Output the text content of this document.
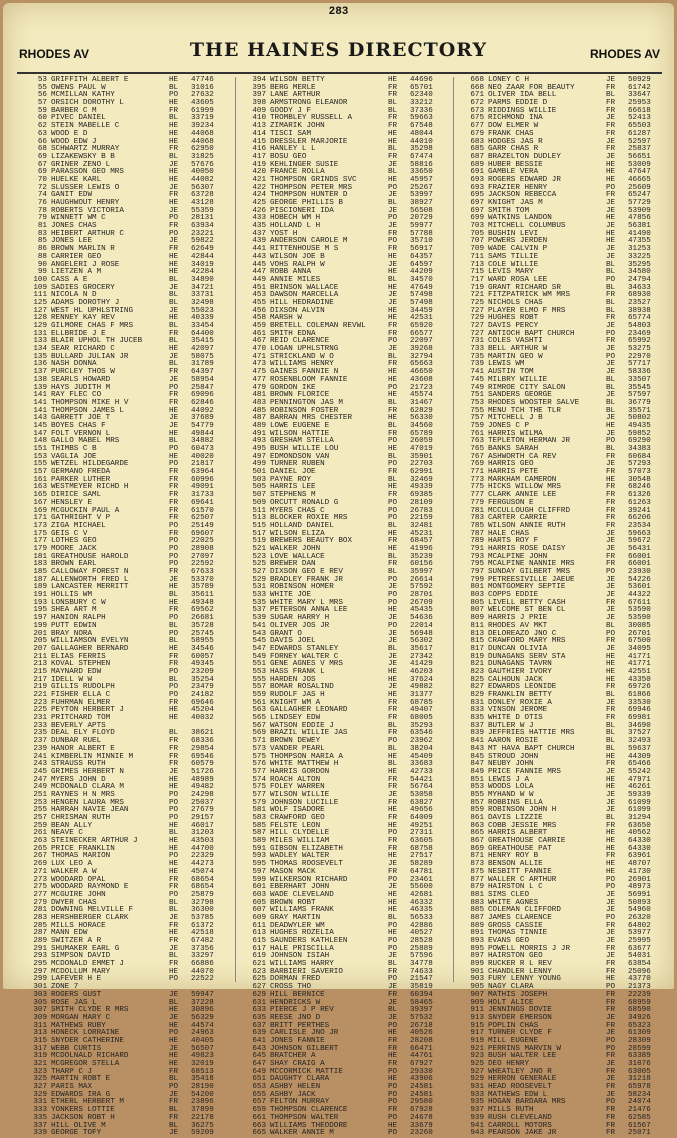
283
RHODES AV	THE HAINES DIRECTORY	RHODES AV
53 GRIFFITH ALBERT E	HE	47746
55 OWENS PAUL W	BL	31016
56 MCMILLAN KATHY	PO	27632
57 ORSICH DOROTHY L	HE	43605
59 BARBER C M	FR	61999
60 PIVEC DANIEL	BL	33719
62 STEIN MABELLE C	HE	39234
63 WOOD E D	HE	44068
66 WOOD EDW J	HE	44068
68 SCHWARTZ MURRAY	FR	62950
69 LIZAKEWSKY B B	BL	31825
67 GRINER ZENO L	JE	57676
69 PARASSON GEO MRS	HE	40050
70 HUELKE KARL	HE	44082
72 SLUSSER LEWIS O	JE	56307
74 GANIT EDW	FR	63728
76 HAUGHWOUT HENRY	HE	43128
78 ROBERTS VICTORIA	JE	55359
79 WINNETT WM C	PO	28131
81 JONES CHAS	FR	63934
83 HEIBERT ARTHUR C	PO	23221
85 JONES LEE	JE	59822
86 BROWN MARLIN R	FR	62649
88 CARRIER GEO	HE	42844
90 ANGELERI J ROSE	HE	34019
99 LIETZEN A M	HE	42284
100 CASS A E	BL	34890
109 SADIES GROCERY	JE	34721
111 NICOLA N D	BL	33731
125 ADAMS DOROTHY J	BL	32498
127 WEST HL UPHLSTRING	JE	55023
128 RENNEY KAY REV	HE	40339
129 GILMORE CHAS F MRS	BL	33454
131 ELLBRIDE J E	FR	64400
133 BLAIR UPHOL TH JUCEB	BL	35415
134 SEAR RICHARD C	HE	42097
135 BULLARD JULIAN JR	JE	58075
136 NASH DONNA	BL	31789
137 PURCLEY THOS W	FR	64397
138 SEARLS HOWARD	JE	58954
139 HAYS JUDITH M	PO	25847
141 RAY FLEC CO	FR	69096
141 THOMPSON MIKE H V	FR	62846
141 THOMPSON JAMES L	HE	44092
143 GARRETT JOE T	JE	37689
145 BOYES CHAS F	JE	54779
147 FOLT VERNON L	HE	49844
148 GALLO MABEL MRS	BL	34882
151 THIMBS C B	PO	60473
153 VAGLIA JOE	HE	40020
155 WETZEL HILDEGARDE	PO	21817
157 GERMANO FREDA	FR	63964
161 PARKER LUTHER	FR	60996
163 WESTMEYER RICHD H	FR	49091
165 DIRICE SAML	FR	31733
167 HENSLEY E	FR	69641
169 MCGUCKIN PAUL A	FR	61570
171 GATHRIGHT V P	FR	62507
173 ZIGA MICHAEL	PO	25149
175 GEIS C V	FR	69607
177 LOTHES GEO	PO	22025
179 MOORE JACK	PO	28908
181 GREATHOUSE HAROLD	PO	27097
183 BROWN EARL	PO	22592
185 CALLOWAY FOREST N	FR	67633
187 ALLENWORTH FRED L	JE	53370
189 LANCASTER MERRITT	HE	35789
191 HOLLIS WM	BL	35611
193 LONSBURY C W	HE	49348
195 SHEA ART M	FR	69562
197 HANION RALPH	PO	26681
199 PUTT EDWIN	BL	35728
201 BRAY NORA	PO	25745
205 WILLIAMSON EVELYN	BL	58955
207 GALLAGHER BERNARD	HE	34546
211 ELIAS FERRIS	FR	60057
213 KOVAL STEPHEN	FR	49345
215 MAYNARD EDW	PO	23209
217 IDELL W W	BL	35254
219 GILLIS RUDOLPH	PO	23479
221 FISHER ELLA C	PO	24182
223 FUHRMAN ELMER	FR	69646
225 PEYTON HERBERT J	HE	45204
231 PRITCHARD TOM	HE	40032
233 BEVERLY APTS
235 DEAL ELY FLOYD	BL	38621
237 DUNBAR RUEL	FR	68336
239 HANOR ALBERT E	FR	29854
241 KIMBERLIN MINNIE M	FR	69546
243 STRAUSS RUTH	FR	60579
245 GRIMES HERBERT N	JE	51726
247 MYERS JOHN D	HE	48989
249 MCDONALD CLARA M	HE	49482
251 RAYNES H N MRS	PO	24298
253 HENGEN LAURA MRS	PO	25037
255 HARRAH NAVIE JEAN	PO	27679
257 CHRISMAN RUTH	PO	29157
259 BEAN ALLY	HE	46017
261 NEAVE C	BL	31203
263 STEINECKER ARTHUR J	HE	43503
265 PRICE FRANKLIN	HE	44700
267 THOMAS MARION	PO	22329
269 LUX LEO A	HE	44273
271 WALKER A W	HE	45074
273 WOODARD OPAL	FR	68654
275 WOODARD RAYMOND E	FR	68654
277 MCGUIRE JOHN	PO	25879
279 DWYER CHAS	BL	32798
281 DOWNING MELVILLE F	BL	36300
283 HERSHBERGER CLARK	JE	53785
285 MILLS HORACE	FR	61372
287 MANN EDW	HE	42518
289 SWITZER A R	FR	67482
291 SHUMAKER EARL G	JE	37356
293 SIMPSON DAVID	BL	33297
295 MCDONALD EMMET J	FR	66886
297 MCDOLLUM MARY	HE	44070
299 LAFEVER H E	PO	22522
301 ZONE 7
303 ROGERS GUST	JE	59947
305 ROSE JAS L	BL	37228
307 SMITH CLYDE R MRS	HE	30896
309 MORGAN MARY C	JE	56329
311 MATHEWS RUBY	HE	44574
313 HONECK LORRAINE	PO	24963
315 SNYDER CATHERINE	HE	40405
317 WEBB CURTIS	JE	56507
319 MCDOLNALD RICHARD	HE	49823
321 MCGREGOR STELLA	HE	32019
323 THARP C J	FR	68513
325 MARTIN ROBT E	BL	35418
327 PARIS MAX	PO	28190
329 EDWARDS IRA G	JE	54200
331 ETHERL HERBERT M	FR	23896
333 YONKERS LOTTIE	BL	37899
335 JACKSON ROBT H	FR	22178
337 HILL OLIVE M	BL	36275
339 GEORGE TOFY	JE	59209
394 WILSON BETTY	HE	44696
395 BERG MERLE	FR	65701
397 LANE ARTHUR	FR	62340
398 ARMSTRONG ELEANOR	BL	33212
409 GOODY J F	BL	37336
410 TROMBLEY RUSSELL A	FR	59663
413 ZIMARIK JOHN	FR	67548
414 TISCI SAM	HE	48044
415 DRESSLER MARJORIE	HE	44010
416 HANLEY L L	BL	35298
417 BOSU GEO	FR	67474
419 KEHLINGER SUSIE	JE	58816
420 FRANCE ROLLA	BL	33650
421 THOMPSON GRINDS SVC	HE	45957
422 THOMPSON PETER MRS	PO	25267
424 THOMPSON HUNTER D	JE	53997
425 GEORGE PHILLIS B	BL	38927
426 PISCIONERI IDA	JE	56508
433 HOBECH WM H	PO	20729
435 HOLLAND L H	JE	59977
437 YOST H	FR	57788
439 ANDERSON CAROLE M	PO	35710
441 RITTENHOUSE M S	FR	56917
443 WILSON JOE B	HE	64357
445 VOHS RALPH W	JE	64597
447 ROBB ANNA	HE	44209
449 ANNIE MILES	BL	34570
451 BRINSON WALLACE	HE	47649
453 DAWSON MARCELLA	JE	57498
455 HILL HEDRADINE	JE	57498
456 DIXSON ALVIN	HE	34459
458 MARSH W	HE	42531
459 BRETELL COLEMAN REVWL	FR	65920
461 SMITH EDNA	FR	66577
467 REID CLARENCE	PO	22097
470 LOGAN UPHLSTRNG	JE	39268
471 STRICKLAND W O	BL	32794
473 WILLIAMS HENRY	FR	65663
475 GAINES FANNIE N	HE	46650
477 ROSENBLOOM FANNIE	HE	43608
479 GORDON IKE	PO	21723
481 BROWN FLORICE	HE	45574
483 PENNINGTON JAS M	BL	31467
485 ROBINSON FOSTER	FR	62829
487 BARRAN MRS CHESTER	HE	56330
489 LOWE EUGENE E	BL	34560
491 WILSON HATTIE	FR	65789
493 GRESHAM STELLA	PO	26059
495 BUSH WILLIE LOU	HE	47019
497 EDMONDSON VAN	BL	35901
499 TURNER RUBEN	PO	22703
501 DANIEL JOE	FR	62991
503 PAYNE ROY	BL	32469
505 HARRIS LEE	HE	49339
507 STEPHENS M	FR	69385
509 ORCUTT RONALD G	PO	28109
511 MYERS CHAS C	PO	26783
513 BLOCKER ROXIE MRS	PO	22159
515 HOLLAND DANIEL	BL	32481
517 WILSON ELIZA	HE	45231
519 BREWERS BEAUTY BOX	FR	68457
521 WALKER JOHN	HE	41996
523 LOVE WALLACE	BL	35239
525 BREWER DAN	FR	60156
527 DIXSON GEO E REV	BL	35997
529 BRADLEY FRANK JR	PO	26614
531 ROBINSON HOMER	JE	57592
533 WHITE JOE	PO	28701
535 WHITE MARY L MRS	PO	26709
537 PETERSON ANNA LEE	HE	45435
539 SUGAR HARRY H	JE	54636
541 OLIVER JOS JR	PO	22014
543 GRANT O	JE	56948
545 DAVIS JOEL	JE	56302
547 EDWARDS STANLEY	BL	35617
549 FORNEY WALTER C	JE	27342
551 GENE AGNES V MRS	JE	41429
553 HASS FRANK L	HE	46203
555 HARDEN JOS	HE	37624
557 BOMAR ROSALIND	JE	49882
559 RUDOLF JAS H	HE	31377
561 KNIGHT WM A	FR	68785
563 GALLAGHER LEONARD	FR	49407
565 LINDSEY EDW	FR	68005
567 WATSON EDDIE J	BL	35293
569 BRAZIL WILLIE JAS	FR	63546
571 BROWN DEWEY	PO	23962
573 VANDER PEARL	BL	38204
575 THOMPSON MARIA A	HE	45409
576 WHITE MATTHEW H	BL	33683
577 HARRIS GORDON	HE	42733
574 ROACH ALTON	FR	54421
575 FOLEY WARREN	FR	56764
577 WILSON WILLIE	JE	53058
579 JOHNSON LUCILLE	FR	63827
581 WOLF ISADORE	HE	49656
583 CRAWFORD GEO	FR	64009
585 FELSTE LEON	HE	49251
587 HILL CLYDELLE	PO	27311
589 MILES WILLIAM	FR	63605
591 GIBSON ELIZABETH	FR	68758
593 WADLEY WALTER	HE	27517
595 THOMAS ROOSEVELT	JE	58289
597 MASON MACK	FR	64781
599 WILKERSON RICHARD	PO	23461
601 EBERHART JOHN	JE	55600
603 WADE CLEVELAND	HE	42681
605 BROWN ROBT	HE	46332
607 WILLIAMS FRANK	HE	46335
609 GRAY MARTIN	BL	56533
611 DEADWYLER WM	PO	42886
613 HUGHES ROZELIA	HE	40527
615 SAUNDERS KATHLEEN	PO	28528
617 HALE PRISCILLA	PO	25889
619 JOHNSON ISIAH	JE	57596
621 WILLIAMS HARRY	BL	34778
623 BARBIERI SAVERIO	FR	74633
625 DORMAN FRED	PO	21547
627 CROSS THO	JE	35819
629 HILL BERNICE	FR	60394
631 HENDRICKS W	JE	58465
633 PIERCE J P REV	BL	39397
635 REESE JNO D	JE	57532
637 BRITT PERTHES	PO	26718
639 CARLISLE JNO JR	HE	40526
641 JONES FANNIE	FR	28208
643 JOHNSON GILBERT	FR	66471
645 BRATCHER A	HE	44761
647 SHAY CRAIG A	FR	67927
649 MCCORMICK MATTIE	PO	29330
651 DAUGHTY CLARA	HE	43906
653 ASHBY HELEN	PO	24581
655 ASHBY JACK	PO	24581
657 FELTON MURRAY	PO	29580
659 THOMPSON CLARENCE	FR	67928
661 THOMPSON WALTER	PO	24678
663 WILLIAMS THEODORE	HE	33679
665 WALKER ANNIE M	PO	23260
668 LONEY C H	JE	50929
668 NEO ZAAR FOR BEAUTY	FR	61742
671 OLIVER IDA BELL	BL	33647
672 PARMS EDDIE D	FR	25953
673 RIDDINGS WILLIE	FR	66618
675 RICHMOND INA	JE	52413
677 DOW ELMER W	FR	65503
679 FRANK CHAS	FR	61287
683 HODGES JAS R	JE	52597
685 GARR CHAS R	FR	25837
687 BRAZELTON DUDLEY	JE	56651
689 HUBER BESSIE	HE	53009
691 GAMBLE VERA	HE	47647
693 ROGERS EDWARD JR	HE	46665
693 FRAZIER HENRY	PO	25609
695 JACKSON REBECCA	FR	65247
697 KNIGHT JAS M	JE	57729
697 SMITH TOM	JE	53909
699 WATKINS LANDON	HE	47856
703 MITCHELL COLUMBUS	JE	56381
705 BUSHIN LEVI	HE	41490
707 POWERS JERDEN	HE	47355
709 WADE CALVIN P	JE	31253
711 SAMS TILLIE	JE	33225
713 COLE WILLIE	BL	35295
715 LEVIS MARY	BL	34580
717 WARD ROSA LEE	PO	24794
719 GRANT RICHARD SR	BL	34633
721 FITZPATRICK WM MRS	FR	68930
725 NICHOLS CHAS	BL	23527
727 PLAYER ELMO F MRS	BL	38938
729 HUGHES ROBT	FR	65774
727 DAVIS PERCY	JE	54803
727 ANTIOCH BAPT CHURCH	PO	23469
731 COLES VASHTI	FR	65992
733 BELL ARTHUR W	JE	53275
735 MARTIN GEO W	PO	22970
739 LEWIS WM	JE	57717
741 AUSTIN TOM	JE	58336
745 MILBRY WILLIE	BL	33507
749 RIMROE CITY SALON	BL	35545
751 SANDERS GEORGE	JE	57597
753 RHODES WOOSTER SALVE	BL	36779
755 MENU TCH THE TLR	BL	35571
757 MITCHELL J B	JE	50802
759 JONES C P	HE	49435
761 HARRIS WILMA	JE	59852
763 TEPLETON HERMAN JR	PO	69290
765 BANKS SARAH	BL	34383
767 ASHWORTH CA REV	FR	60684
769 HARRIS GEO	JE	57293
771 HARRIS PETE	FR	57073
773 MARKHAM CAMERON	HE	30548
775 HICKS WILLOW MRS	FR	68246
777 CLARK ANNIE LEE	FR	61326
779 FERGUSON E	FR	61263
781 MCCULLOUGH CLIFFRD	FR	39241
783 CARTER CARRIE	FR	66206
785 WILSON ANNIE RUTH	FR	23534
787 HALE CHAS	JE	59663
789 HARTS ROY F	JE	59672
791 HARRIS ROSE DAISY	JE	56431
793 MCALPINE JOHN	FR	66001
795 MCALPINE NANNIE MRS	FR	66001
797 SUNDAY GILBERT MRS	PO	23930
799 PETREESIVILLE JAEUE	JE	54226
801 MONTGOMERY SEPTIE	JE	53601
803 COPPS EDDIE	JE	44322
805 LIVELL BETTY CASH	FR	67611
807 WELCOME ST BEN CL	JE	53590
809 HARRIS J PRIE	JE	53590
811 RHODES AV MKT	BL	30085
813 DELOREAZO JNO C	PO	26701
815 CRAWFORD MARY MRS	FR	67500
817 DUNCAN OLIVIA	JE	34095
819 DUNAGANS SERV STA	HE	41771
821 DUNAGANS TAVRN	HE	41771
823 GAUTHIER IVORY	HE	42551
825 CALHOUN JACK	HE	43350
827 EDWARDS LEONIDE	FR	69726
829 FRANKLIN BETTY	BL	61866
831 DONLEY ROXIE A	JE	33530
833 VINSON JEROME	FR	69946
835 WHITE D OTIS	FR	69981
837 BUTLER W J	BL	34690
839 JEFFRIES HATTIE MRS	BL	37527
841 AARON ROSIE	BL	32493
843 MT HAVA BAPT CHURCH	BL	59637
845 STROUD JOHN	HE	44309
847 NEUBY JOHN	FR	65466
849 PRICE FANNIE MRS	JE	55242
851 LEWIS J A	HE	47971
853 WOODS LOLA	HE	46261
855 MYHAND W W	JE	59339
857 ROBBINS ELLA	JE	61099
859 ROBINSON JOHN H	JE	61099
861 DAVIS LIZZIE	BL	31294
863 COBB JESSIE MRS	FR	63650
865 HARRIS ALBERT	HE	40562
867 GREATHOUSE CARRIE	HE	64330
869 GREATHOUSE PAT	HE	64330
871 HENRY ROY B	FR	63961
873 BENSON ALLIE	HE	48707
875 NESBITT FANNIE	HE	41730
877 WALLER C ARTHUR	PO	26901
879 HAIRSTON L C	PO	48973
881 SIMS CLEO	JE	56991
883 WHITE AGNES	JE	50893
885 COLEMAN CLIFFORD	JE	54960
887 JAMES CLARENCE	PO	26320
889 GROSS CASSIE	FR	64802
891 THOMAS TINNIE	JE	53977
893 EVANS GEO	JE	25995
895 POWELL MORRIS J JR	FR	63677
897 HAIRSTON GEO	JE	54031
899 RUCKER R L REV	FR	63854
901 CHANDLER LENNY	FR	25096
903 FURY LENNY YOUNG	HE	43770
905 NAGY CLARA	PO	21373
907 MATHIS JOSEPH	FR	22239
909 HOLT ALICE	FR	68959
911 JENNINGS DOVIE	FR	68590
913 SNYDER EMERSON	JE	34926
915 POPLIN CHAS	FR	65323
917 TURNER CLYDE F	JE	61309
919 MILL EUGENE	PO	28309
921 PERRINS MARVIN W	PO	28599
923 BUSH WALTER LEE	FR	63389
925 DEO HENRY	JE	31076
927 WHEATLEY JNO R	FR	63005
929 HERRON GENERALE	JE	31218
931 HEAD ROOSEVELT	FR	65978
933 MATHEWS EDW L	JE	58234
935 HOGAN BARDARA MRS	PO	24074
937 MILLS RUTH	FR	21476
939 RUSH CLEVELAND	FR	62585
941 CARROLL MOTORS	FR	61567
943 PEARSON JAKE JR	FR	25071
